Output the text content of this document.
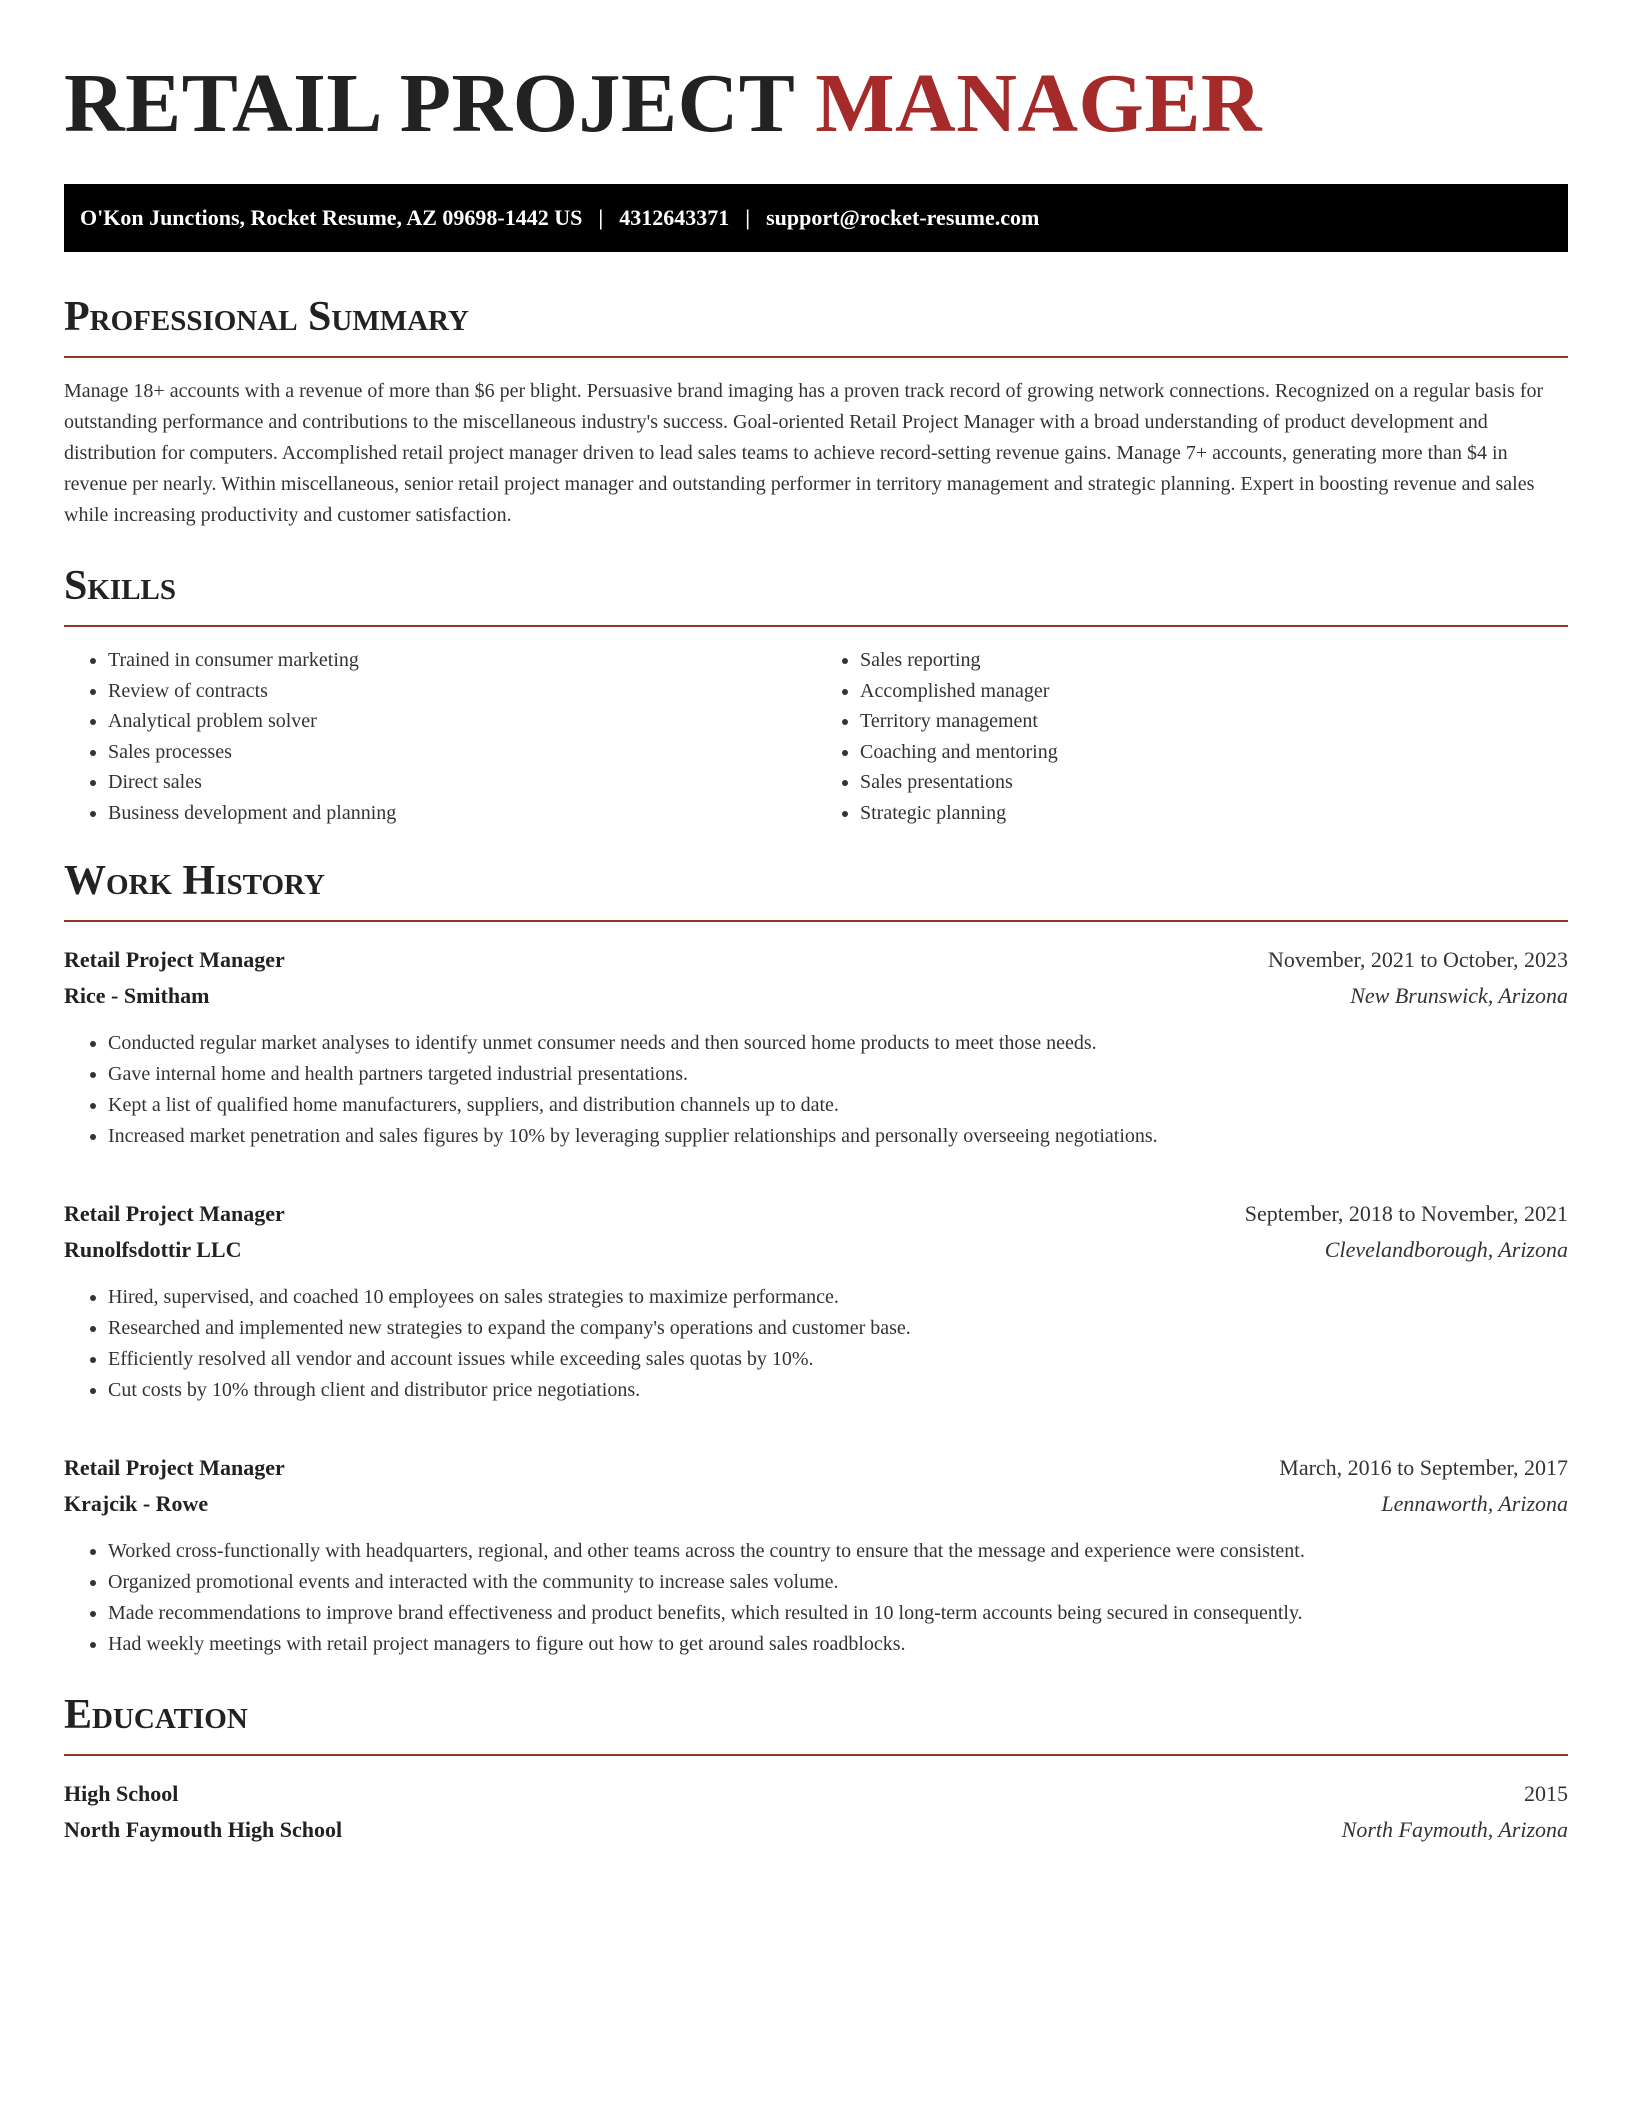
RETAIL PROJECT MANAGER
O'Kon Junctions, Rocket Resume, AZ 09698-1442 US | 4312643371 | support@rocket-resume.com
Professional Summary

Manage 18+ accounts with a revenue of more than $6 per blight. Persuasive brand imaging has a proven track record of growing network connections. Recognized on a regular basis for outstanding performance and contributions to the miscellaneous industry's success. Goal-oriented Retail Project Manager with a broad understanding of product development and distribution for computers. Accomplished retail project manager driven to lead sales teams to achieve record-setting revenue gains. Manage 7+ accounts, generating more than $4 in revenue per nearly. Within miscellaneous, senior retail project manager and outstanding performer in territory management and strategic planning. Expert in boosting revenue and sales while increasing productivity and customer satisfaction.

Skills
• Trained in consumer marketing
• Review of contracts
• Analytical problem solver
• Sales processes
• Direct sales
• Business development and planning
• Sales reporting
• Accomplished manager
• Territory management
• Coaching and mentoring
• Sales presentations
• Strategic planning
Work History
Retail Project Manager	November, 2021 to October, 2023
Rice - Smitham	New Brunswick, Arizona
• Conducted regular market analyses to identify unmet consumer needs and then sourced home products to meet those needs.
• Gave internal home and health partners targeted industrial presentations.
• Kept a list of qualified home manufacturers, suppliers, and distribution channels up to date.
• Increased market penetration and sales figures by 10% by leveraging supplier relationships and personally overseeing negotiations.
Retail Project Manager	September, 2018 to November, 2021
Runolfsdottir LLC	Clevelandborough, Arizona
• Hired, supervised, and coached 10 employees on sales strategies to maximize performance.
• Researched and implemented new strategies to expand the company's operations and customer base.
• Efficiently resolved all vendor and account issues while exceeding sales quotas by 10%.
• Cut costs by 10% through client and distributor price negotiations.
Retail Project Manager	March, 2016 to September, 2017
Krajcik - Rowe	Lennaworth, Arizona
• Worked cross-functionally with headquarters, regional, and other teams across the country to ensure that the message and experience were consistent.
• Organized promotional events and interacted with the community to increase sales volume.
• Made recommendations to improve brand effectiveness and product benefits, which resulted in 10 long-term accounts being secured in consequently.
• Had weekly meetings with retail project managers to figure out how to get around sales roadblocks.
Education
High School	2015
North Faymouth High School	North Faymouth, Arizona
